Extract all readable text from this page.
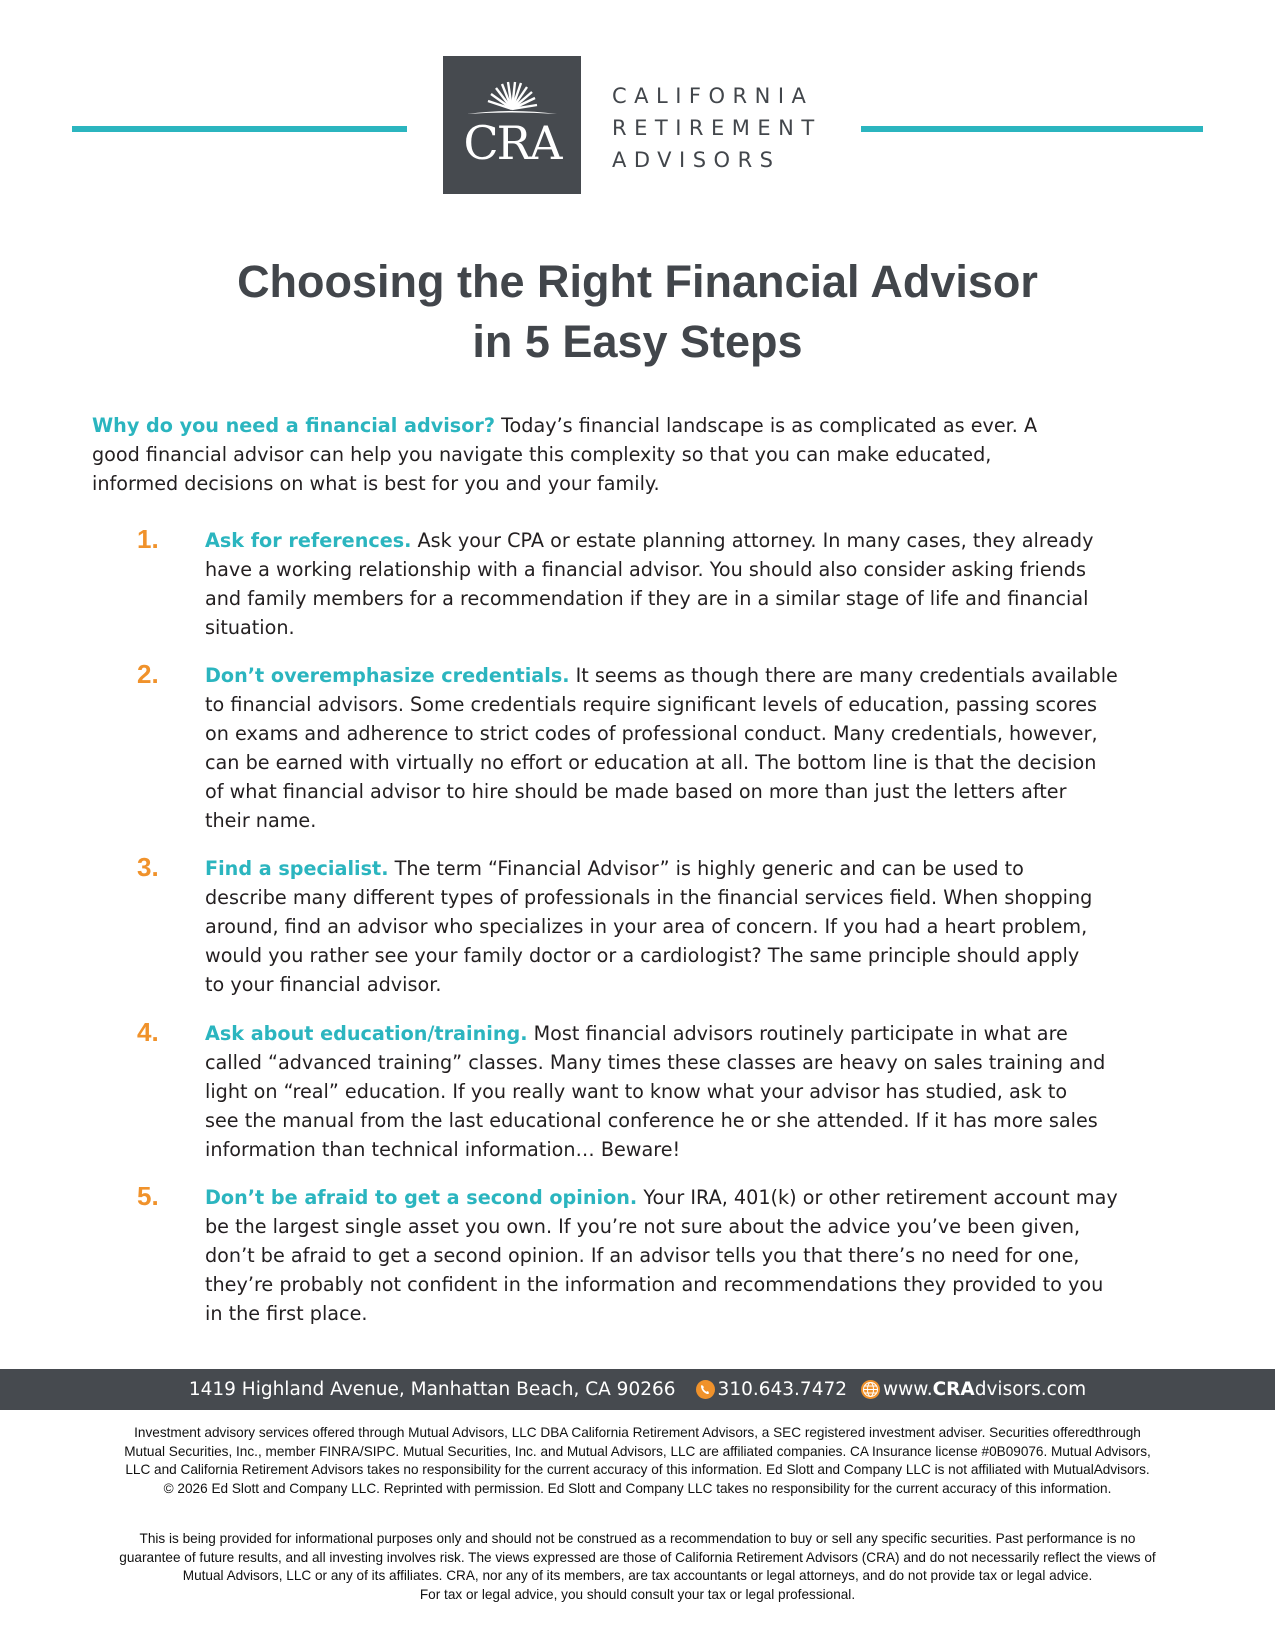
CRA
CALIFORNIA
RETIREMENT
ADVISORS
Choosing the Right Financial Advisor
in 5 Easy Steps
Why do you need a financial advisor? Today’s financial landscape is as complicated as ever. A
good financial advisor can help you navigate this complexity so that you can make educated,
informed decisions on what is best for you and your family.
1. Ask for references. Ask your CPA or estate planning attorney. In many cases, they already
have a working relationship with a financial advisor. You should also consider asking friends
and family members for a recommendation if they are in a similar stage of life and financial
situation.
2. Don’t overemphasize credentials. It seems as though there are many credentials available
to financial advisors. Some credentials require significant levels of education, passing scores
on exams and adherence to strict codes of professional conduct. Many credentials, however,
can be earned with virtually no effort or education at all. The bottom line is that the decision
of what financial advisor to hire should be made based on more than just the letters after
their name.
3. Find a specialist. The term “Financial Advisor” is highly generic and can be used to
describe many different types of professionals in the financial services field. When shopping
around, find an advisor who specializes in your area of concern. If you had a heart problem,
would you rather see your family doctor or a cardiologist? The same principle should apply
to your financial advisor.
4. Ask about education/training. Most financial advisors routinely participate in what are
called “advanced training” classes. Many times these classes are heavy on sales training and
light on “real” education. If you really want to know what your advisor has studied, ask to
see the manual from the last educational conference he or she attended. If it has more sales
information than technical information… Beware!
5. Don’t be afraid to get a second opinion. Your IRA, 401(k) or other retirement account may
be the largest single asset you own. If you’re not sure about the advice you’ve been given,
don’t be afraid to get a second opinion. If an advisor tells you that there’s no need for one,
they’re probably not confident in the information and recommendations they provided to you
in the first place.
1419 Highland Avenue, Manhattan Beach, CA 90266 310.643.7472 www. CRA dvisors.com
Investment advisory services offered through Mutual Advisors, LLC DBA California Retirement Advisors, a SEC registered investment adviser. Securities offeredthrough
Mutual Securities, Inc., member FINRA/SIPC. Mutual Securities, Inc. and Mutual Advisors, LLC are affiliated companies. CA Insurance license #0B09076. Mutual Advisors,
LLC and California Retirement Advisors takes no responsibility for the current accuracy of this information. Ed Slott and Company LLC is not affiliated with MutualAdvisors.
© 2026 Ed Slott and Company LLC. Reprinted with permission. Ed Slott and Company LLC takes no responsibility for the current accuracy of this information.
This is being provided for informational purposes only and should not be construed as a recommendation to buy or sell any specific securities. Past performance is no
guarantee of future results, and all investing involves risk. The views expressed are those of California Retirement Advisors (CRA) and do not necessarily reflect the views of
Mutual Advisors, LLC or any of its affiliates. CRA, nor any of its members, are tax accountants or legal attorneys, and do not provide tax or legal advice.
For tax or legal advice, you should consult your tax or legal professional.
